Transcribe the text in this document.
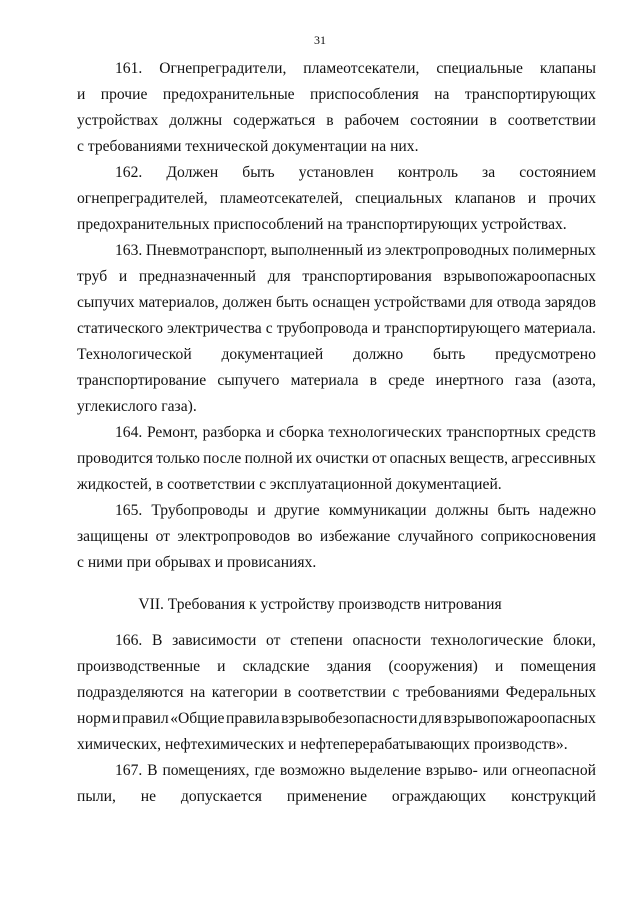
31
161. Огнепреградители, пламеотсекатели, специальные клапаны
и прочие предохранительные приспособления на транспортирующих
устройствах должны содержаться в рабочем состоянии в соответствии
с требованиями технической документации на них.
162. Должен быть установлен контроль за состоянием
огнепреградителей, пламеотсекателей, специальных клапанов и прочих
предохранительных приспособлений на транспортирующих устройствах.
163. Пневмотранспорт, выполненный из электропроводных полимерных
труб и предназначенный для транспортирования взрывопожароопасных
сыпучих материалов, должен быть оснащен устройствами для отвода зарядов
статического электричества с трубопровода и транспортирующего материала.
Технологической документацией должно быть предусмотрено
транспортирование сыпучего материала в среде инертного газа (азота,
углекислого газа).
164. Ремонт, разборка и сборка технологических транспортных средств
проводится только после полной их очистки от опасных веществ, агрессивных
жидкостей, в соответствии с эксплуатационной документацией.
165. Трубопроводы и другие коммуникации должны быть надежно
защищены от электропроводов во избежание случайного соприкосновения
с ними при обрывах и провисаниях.
VII. Требования к устройству производств нитрования
166. В зависимости от степени опасности технологические блоки,
производственные и складские здания (сооружения) и помещения
подразделяются на категории в соответствии с требованиями Федеральных
норм и правил «Общие правила взрывобезопасности для взрывопожароопасных
химических, нефтехимических и нефтеперерабатывающих производств».
167. В помещениях, где возможно выделение взрыво- или огнеопасной
пыли, не допускается применение ограждающих конструкций
